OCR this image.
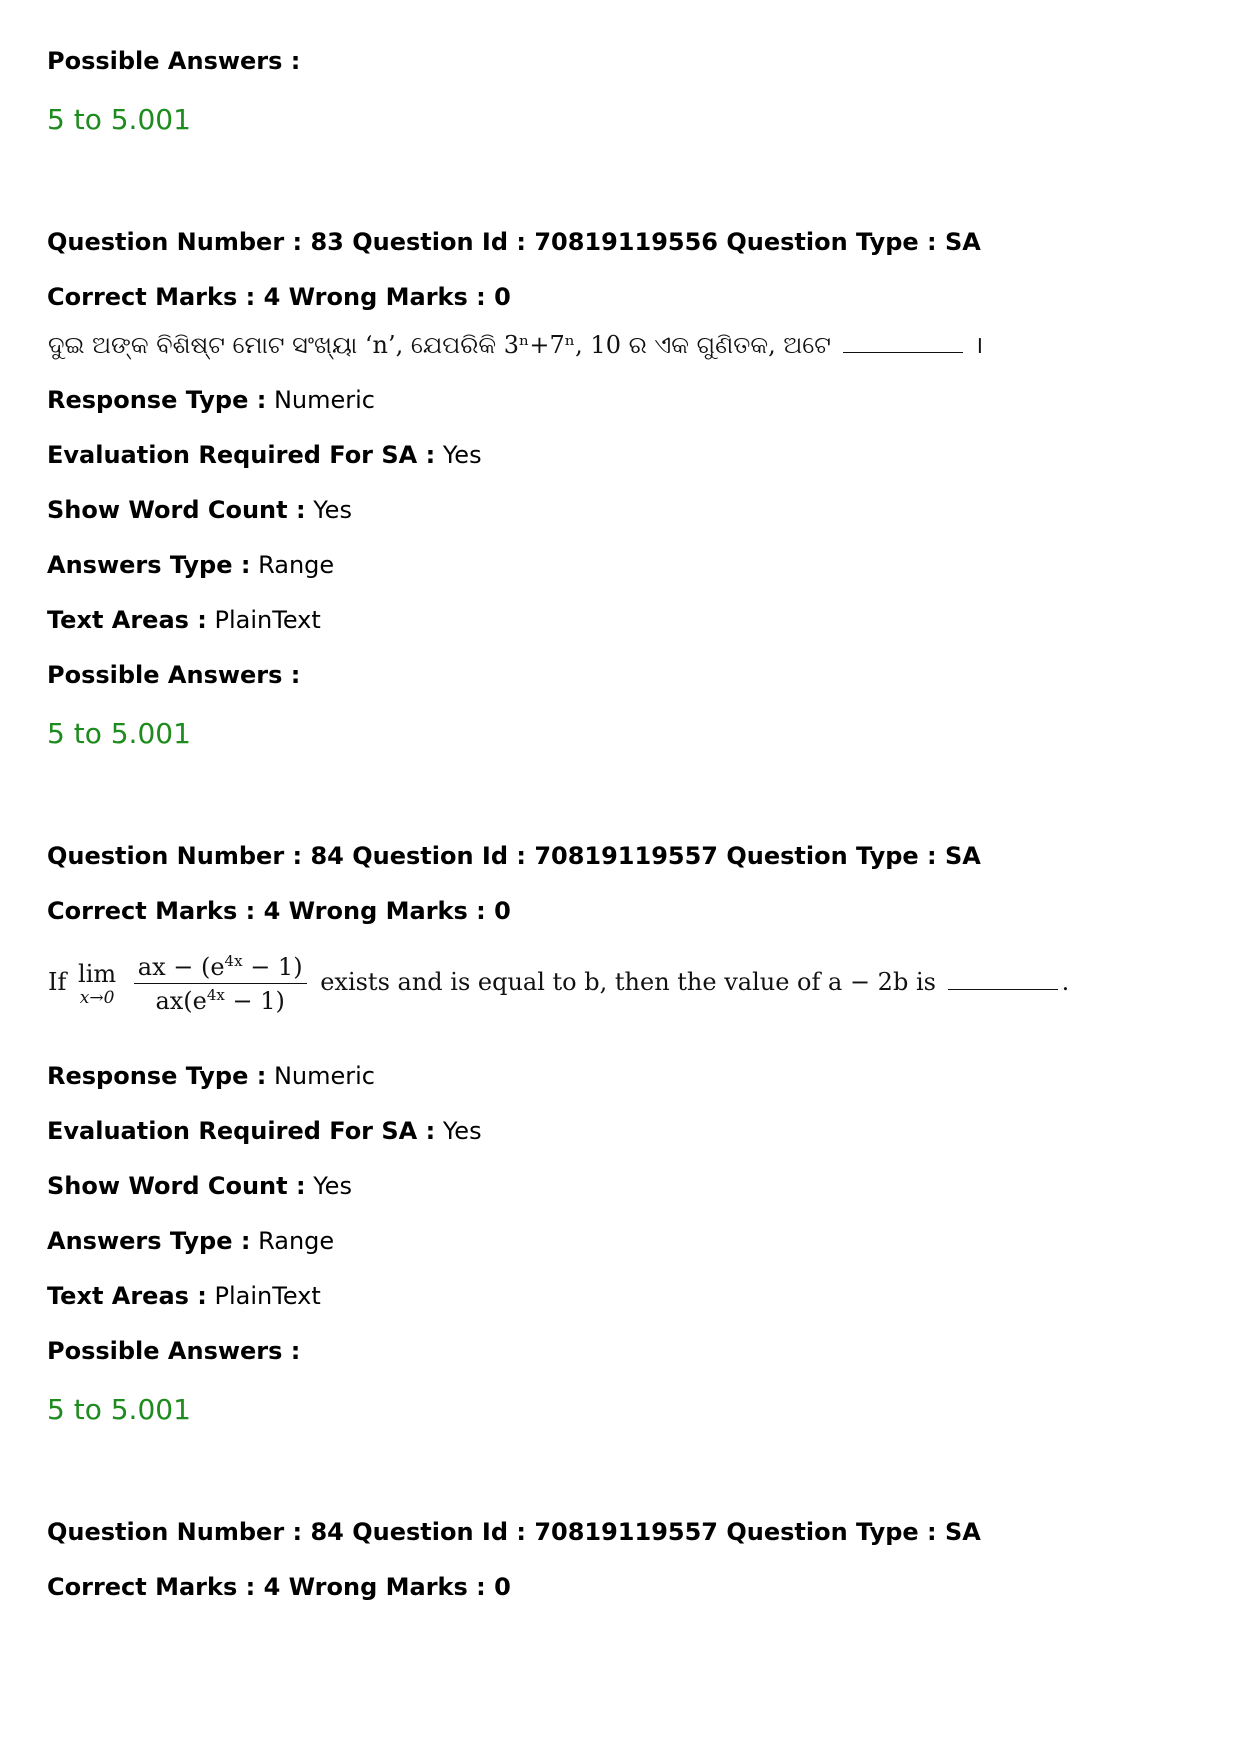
Possible Answers :
5 to 5.001
Question Number : 83 Question Id : 70819119556 Question Type : SA
Correct Marks : 4 Wrong Marks : 0
ଦୁଇ ଅଙ୍କ ବିଶିଷ୍ଟ ମୋଟ ସଂଖ୍ୟା ‘n’, ଯେପରିକି 3ⁿ+7ⁿ, 10 ର ଏକ ଗୁଣିତକ, ଅଟେ	।
Response Type : Numeric
Evaluation Required For SA : Yes
Show Word Count : Yes
Answers Type : Range
Text Areas : PlainText
Possible Answers :
5 to 5.001
Question Number : 84 Question Id : 70819119557 Question Type : SA
Correct Marks : 4 Wrong Marks : 0
If lim
x→0
$\frac{ax - (e^{4x} - 1)}{ax(e^{4x} - 1)}$ exists and is equal to b, then the value of a − 2b is	.
Response Type : Numeric
Evaluation Required For SA : Yes
Show Word Count : Yes
Answers Type : Range
Text Areas : PlainText
Possible Answers :
5 to 5.001
Question Number : 84 Question Id : 70819119557 Question Type : SA
Correct Marks : 4 Wrong Marks : 0
